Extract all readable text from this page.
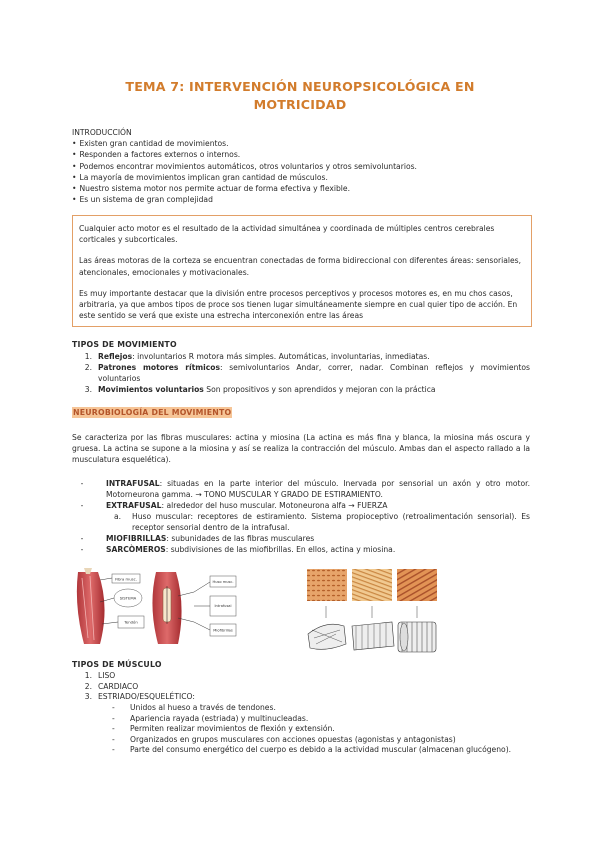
TEMA 7: INTERVENCIÓN NEUROPSICOLÓGICA EN MOTRICIDAD

INTRODUCCIÓN

• Existen gran cantidad de movimientos.
• Responden a factores externos o internos.
• Podemos encontrar movimientos automáticos, otros voluntarios y otros semivoluntarios.
• La mayoría de movimientos implican gran cantidad de músculos.
• Nuestro sistema motor nos permite actuar de forma efectiva y flexible.
• Es un sistema de gran complejidad

Cualquier acto motor es el resultado de la actividad simultánea y coordinada de múltiples centros cerebrales corticales y subcorticales.

Las áreas motoras de la corteza se encuentran conectadas de forma bidireccional con diferentes áreas: sensoriales, atencionales, emocionales y motivacionales.

Es muy importante destacar que la división entre procesos perceptivos y procesos motores es, en mu chos casos, arbitraria, ya que ambos tipos de proce sos tienen lugar simultáneamente siempre en cual quier tipo de acción. En este sentido se verá que existe una estrecha interconexión entre las áreas

TIPOS DE MOVIMIENTO
1. Reflejos: involuntarios R motora más simples. Automáticas, involuntarias, inmediatas.
2. Patrones motores rítmicos: semivoluntarios Andar, correr, nadar. Combinan reflejos y movimientos voluntarios
3. Movimientos voluntarios Son propositivos y son aprendidos y mejoran con la práctica
NEUROBIOLOGÍA DEL MOVIMIENTO
Se caracteriza por las fibras musculares: actina y miosina (La actina es más fina y blanca, la miosina más oscura y gruesa. La actina se supone a la miosina y así se realiza la contracción del músculo. Ambas dan el aspecto rallado a la musculatura esquelética).
-	INTRAFUSAL: situadas en la parte interior del músculo. Inervada por sensorial un axón y otro motor. Motorneurona gamma. → TONO MUSCULAR Y GRADO DE ESTIRAMIENTO.
-	EXTRAFUSAL: alrededor del huso muscular. Motoneurona alfa → FUERZA
a.	Huso muscular: receptores de estiramiento. Sistema propioceptivo (retroalimentación sensorial). Es receptor sensorial dentro de la intrafusal.
-	MIOFIBRILLAS: subunidades de las fibras musculares
-	SARCÒMEROS: subdivisiones de las miofibrillas. En ellos, actina y miosina.
Fibra musc.
SISTEMA
Tendón
Huso musc.
Intrafusal
Miofibrillas
TIPOS DE MÚSCULO
1. LISO
2. CARDIACO
3. ESTRIADO/ESQUELÉTICO:
-	Unidos al hueso a través de tendones.
-	Apariencia rayada (estriada) y multinucleadas.
-	Permiten realizar movimientos de flexión y extensión.
-	Organizados en grupos musculares con acciones opuestas (agonistas y antagonistas)
-	Parte del consumo energético del cuerpo es debido a la actividad muscular (almacenan glucógeno).
